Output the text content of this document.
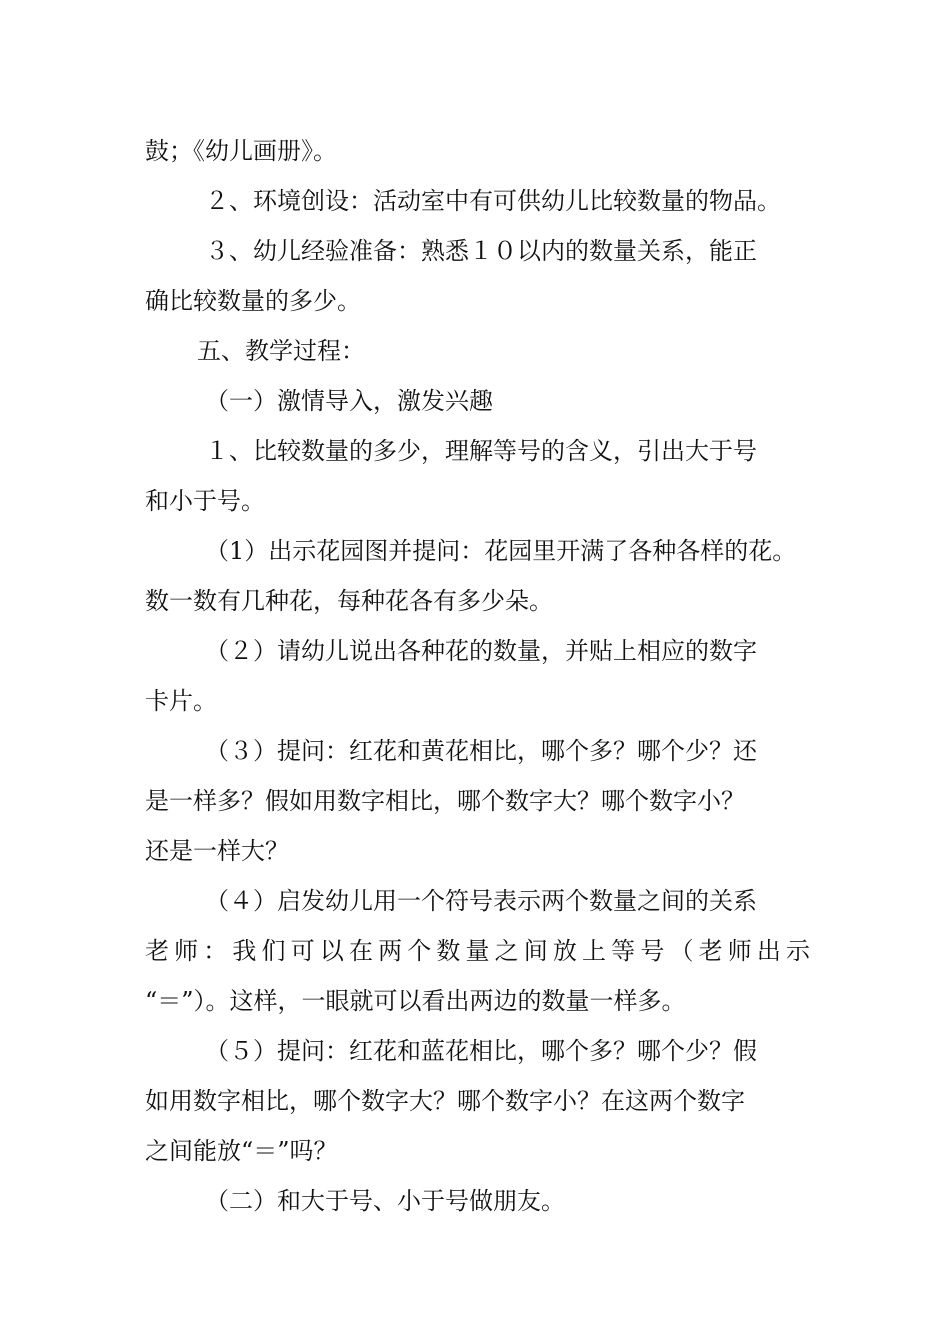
鼓；《幼儿画册》。
２、环境创设：活动室中有可供幼儿比较数量的物品。
３、幼儿经验准备：熟悉１０以内的数量关系，能正
确比较数量的多少。
五、教学过程：
（一）激情导入，激发兴趣
１、比较数量的多少，理解等号的含义，引出大于号
和小于号。
（1）出示花园图并提问：花园里开满了各种各样的花。
数一数有几种花，每种花各有多少朵。
（２）请幼儿说出各种花的数量，并贴上相应的数字
卡片。
（３）提问：红花和黄花相比，哪个多？哪个少？还
是一样多？假如用数字相比，哪个数字大？哪个数字小？
还是一样大？
（４）启发幼儿用一个符号表示两个数量之间的关系
老师：我们可以在两个数量之间放上等号（老师出示
“＝”）。这样，一眼就可以看出两边的数量一样多。
（５）提问：红花和蓝花相比，哪个多？哪个少？假
如用数字相比，哪个数字大？哪个数字小？在这两个数字
之间能放“＝”吗？
（二）和大于号、小于号做朋友。
